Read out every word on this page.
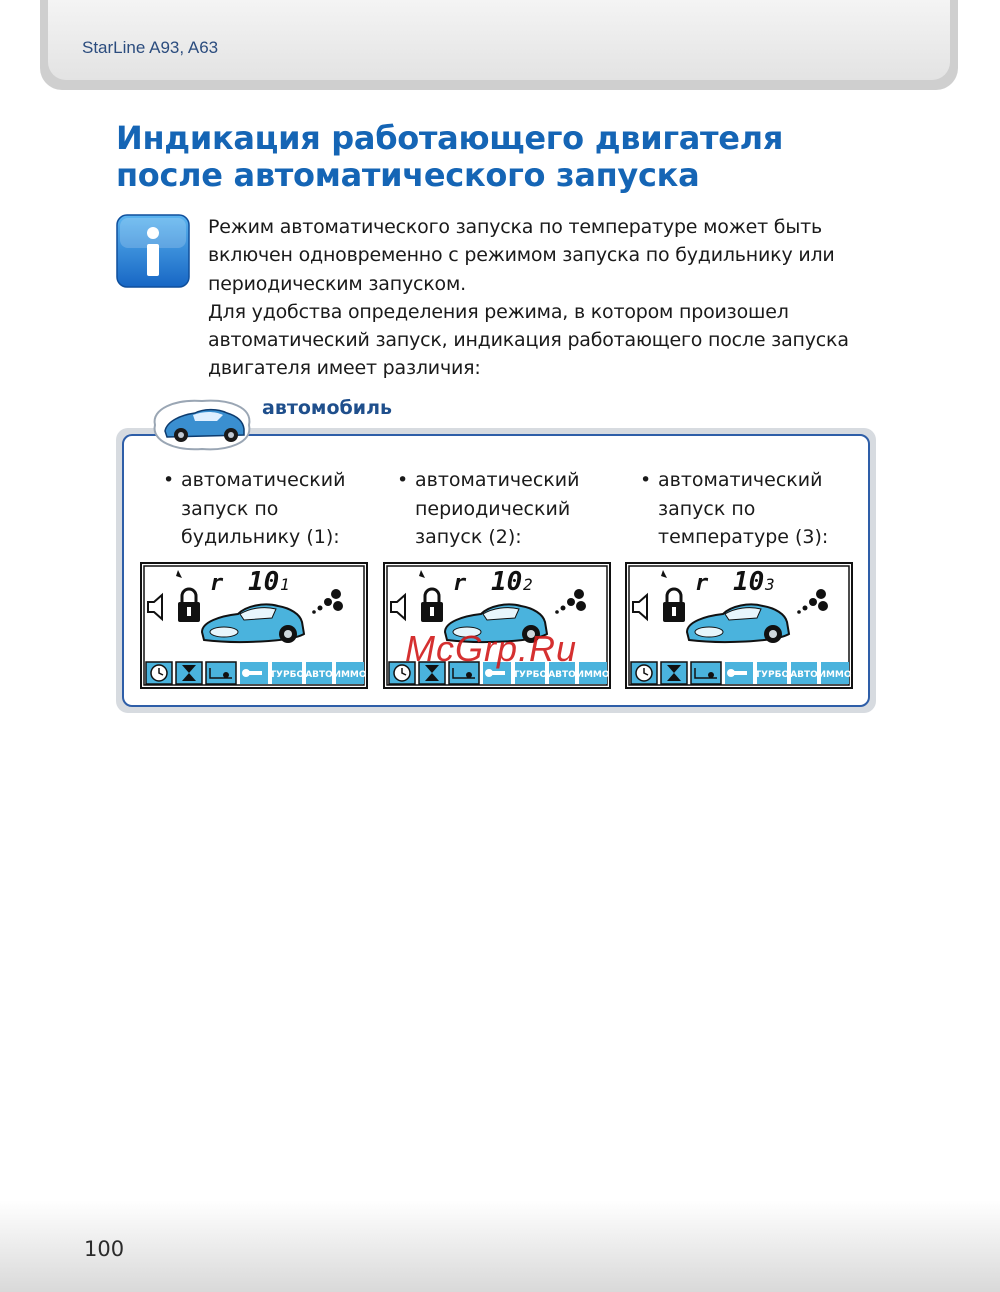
StarLine A93, A63
Индикация работающего двигателя
после автоматического запуска

Режим автоматического запуска по температуре может быть

включен одновременно с режимом запуска по будильнику или

периодическим запуском.

Для удобства определения режима, в котором произошел

автоматический запуск, индикация работающего после запуска

двигателя имеет различия:

автомобиль
• автоматический
запуск по
будильнику (1):
• автоматический
периодический
запуск (2):
• автоматический
запуск по
температуре (3):
r 10 1
ТУРБО АВТО ИММО
r 10 2
ТУРБО АВТО ИММО
r 10 3
ТУРБО АВТО ИММО
McGrp.Ru
100
